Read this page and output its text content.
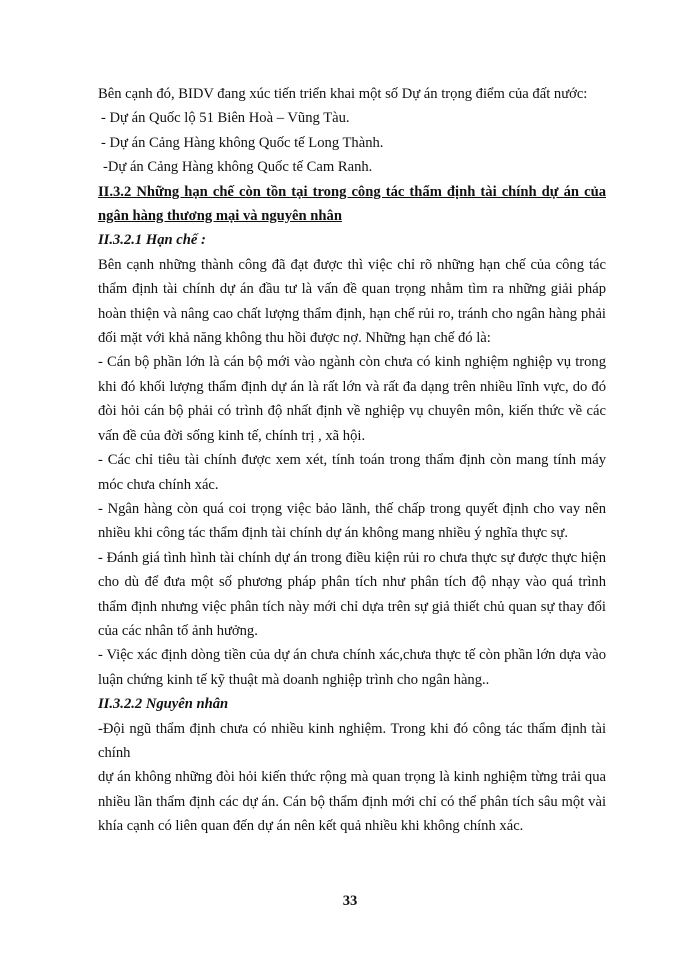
Bên cạnh đó, BIDV đang xúc tiến triển khai một số Dự án trọng điểm của đất nước:

- Dự án Quốc lộ 51 Biên Hoà – Vũng Tàu.

- Dự án Cảng Hàng không Quốc tế Long Thành.

-Dự án Cảng Hàng không Quốc tế Cam Ranh.

II.3.2 Những hạn chế còn tồn tại trong công tác thẩm định tài chính dự án của ngân hàng thương mại và nguyên nhân

II.3.2.1 Hạn chế :

Bên cạnh những thành công đã đạt được thì việc chỉ rõ những hạn chế của công tác thẩm định tài chính dự án đầu tư là vấn đề quan trọng nhằm tìm ra những giải pháp hoàn thiện và nâng cao chất lượng thẩm định, hạn chế rủi ro, tránh cho ngân hàng phải đối mặt với khả năng không thu hồi được nợ. Những hạn chế đó là:

- Cán bộ phần lớn là cán bộ mới vào ngành còn chưa có kinh nghiệm nghiệp vụ trong khi đó khối lượng thẩm định dự án là rất lớn và rất đa dạng trên nhiều lĩnh vực, do đó đòi hỏi cán bộ phải có trình độ nhất định về nghiệp vụ chuyên môn, kiến thức về các vấn đề của đời sống kinh tế, chính trị , xã hội.

- Các chỉ tiêu tài chính được xem xét, tính toán trong thẩm định còn mang tính máy móc chưa chính xác.

- Ngân hàng còn quá coi trọng việc bảo lãnh, thế chấp trong quyết định cho vay nên nhiều khi công tác thẩm định tài chính dự án không mang nhiều ý nghĩa thực sự.

- Đánh giá tình hình tài chính dự án trong điều kiện rủi ro chưa thực sự được thực hiện cho dù để đưa một số phương pháp phân tích như phân tích độ nhạy vào quá trình thẩm định nhưng việc phân tích này mới chỉ dựa trên sự giả thiết chủ quan sự thay đổi của các nhân tố ảnh hưởng.

- Việc xác định dòng tiền của dự án chưa chính xác,chưa thực tế còn phần lớn dựa vào luận chứng kinh tế kỹ thuật mà doanh nghiệp trình cho ngân hàng..

II.3.2.2 Nguyên nhân

-Đội ngũ thẩm định chưa có nhiều kinh nghiệm. Trong khi đó công tác thẩm định tài chính

dự án không những đòi hỏi kiến thức rộng mà quan trọng là kinh nghiệm từng trải qua nhiều lần thẩm định các dự án. Cán bộ thẩm định mới chỉ có thể phân tích sâu một vài khía cạnh có liên quan đến dự án nên kết quả nhiều khi không chính xác.

33
